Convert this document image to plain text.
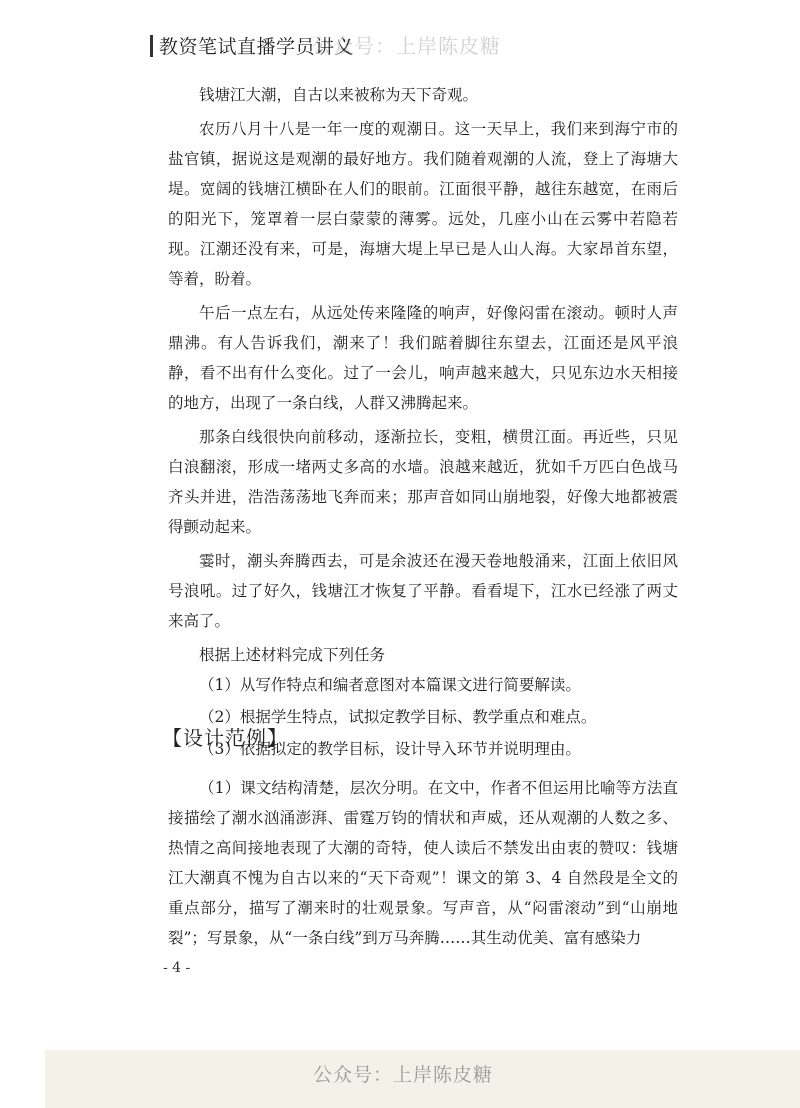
教资笔试直播学员讲义
公众号：上岸陈皮糖

钱塘江大潮，自古以来被称为天下奇观。

农历八月十八是一年一度的观潮日。这一天早上，我们来到海宁市的盐官镇，据说这是观潮的最好地方。我们随着观潮的人流，登上了海塘大堤。宽阔的钱塘江横卧在人们的眼前。江面很平静，越往东越宽，在雨后的阳光下，笼罩着一层白蒙蒙的薄雾。远处，几座小山在云雾中若隐若现。江潮还没有来，可是，海塘大堤上早已是人山人海。大家昂首东望，等着，盼着。

午后一点左右，从远处传来隆隆的响声，好像闷雷在滚动。顿时人声鼎沸。有人告诉我们，潮来了！我们踮着脚往东望去，江面还是风平浪静，看不出有什么变化。过了一会儿，响声越来越大，只见东边水天相接的地方，出现了一条白线，人群又沸腾起来。

那条白线很快向前移动，逐渐拉长，变粗，横贯江面。再近些，只见白浪翻滚，形成一堵两丈多高的水墙。浪越来越近，犹如千万匹白色战马齐头并进，浩浩荡荡地飞奔而来；那声音如同山崩地裂，好像大地都被震得颤动起来。

霎时，潮头奔腾西去，可是余波还在漫天卷地般涌来，江面上依旧风号浪吼。过了好久，钱塘江才恢复了平静。看看堤下，江水已经涨了两丈来高了。

根据上述材料完成下列任务
（1）从写作特点和编者意图对本篇课文进行简要解读。
（2）根据学生特点，试拟定教学目标、教学重点和难点。
（3）依据拟定的教学目标，设计导入环节并说明理由。
【设计范例】

（1）课文结构清楚，层次分明。在文中，作者不但运用比喻等方法直接描绘了潮水汹涌澎湃、雷霆万钧的情状和声威，还从观潮的人数之多、热情之高间接地表现了大潮的奇特，使人读后不禁发出由衷的赞叹：钱塘江大潮真不愧为自古以来的“天下奇观”！课文的第 3、4 自然段是全文的重点部分，描写了潮来时的壮观景象。写声音，从“闷雷滚动”到“山崩地裂”；写景象，从“一条白线”到万马奔腾……其生动优美、富有感染力

- 4 -
公众号：上岸陈皮糖
